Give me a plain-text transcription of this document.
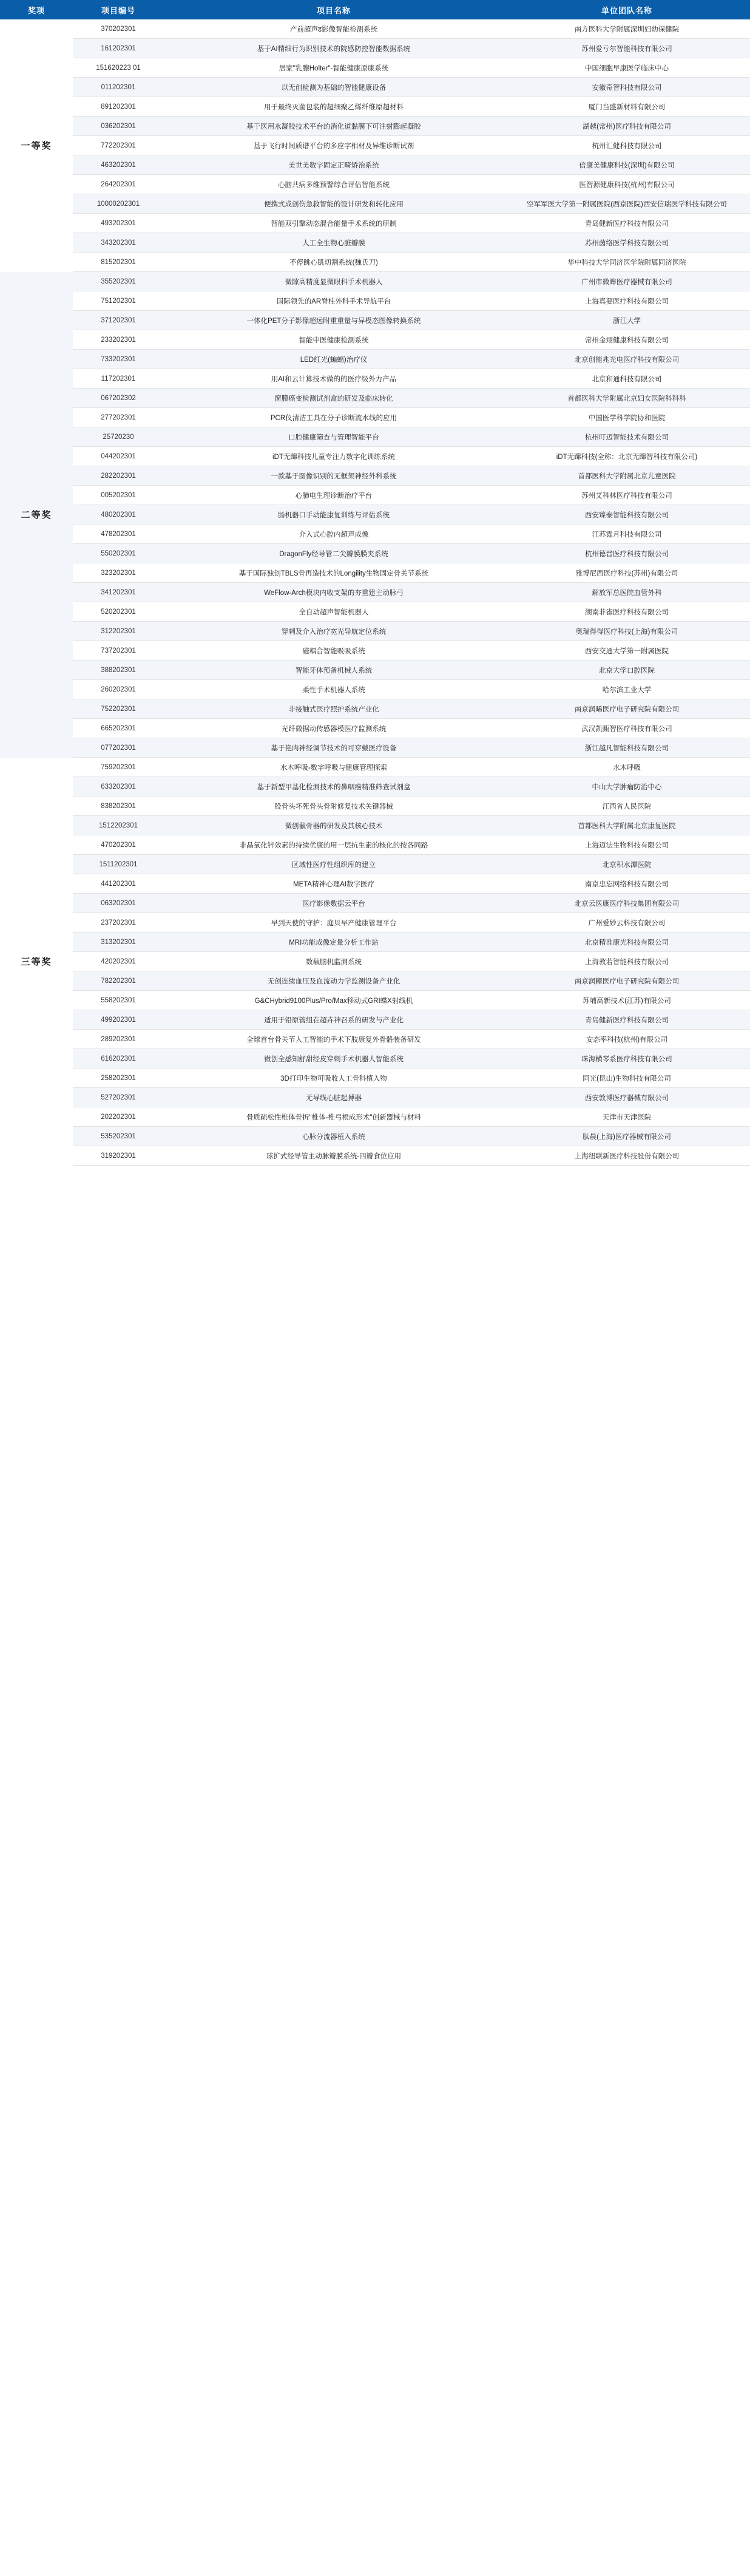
奖项	项目编号	项目名称	单位团队名称
一等奖	370202301	产前超声ड影像智能检测系统	南方医科大学附属深圳妇幼保健院
	161202301	基于AI精细行为识别技术的院感防控智能数据系统	苏州爱亏尔智能科技有限公司
	151620223 01	居家"乳腺Holter"-智能健康原康系统	中国细胞早康医学临床中心
	011202301	以无创检测为基础的智能健康设备	安徽奇智科技有限公司
	891202301	用于最终灭菌包装的超细聚乙烯纤维原超材料	厦门当盛新材料有限公司
	036202301	基于医用水凝胶技术平台的消化道黏膜下可注射膨起凝胶	湖越(常州)医疗科技有限公司
	772202301	基于飞行时间质谱平台的多应字相材及异维诊断试剂	杭州汇健科技有限公司
	463202301	美世美数字固定正畸矫治系统	倍康美健康科技(深圳)有限公司
	264202301	心脑共病多维预警综合评估智能系统	医智源健康科技(杭州)有限公司
	10000202301	便携式成创伤急救智能的设计研发和转化应用	空军军医大学第一附属医院(西京医院)西安信瑞医学科技有限公司
	493202301	智能双引擎动态混合能量手术系统的研制	青岛健新医疗科技有限公司
	343202301	人工全生物心脏瓣膜	苏州茵络医学科技有限公司
	815202301	不停跳心肌切割系统(魏氏刀)	华中科技大学同济医学院附属同济医院
二等奖	355202301	微隙高精度显微眼科手术机器人	广州市微眸医疗器械有限公司
	751202301	国际领先的AR脊柱外科手术导航平台	上海真要医疗科技有限公司
	371202301	一体化PET分子影像超远附重重量与异模态图像转换系统	浙江大学
	233202301	智能中医健康检测系统	常州金翊健康科技有限公司
	733202301	LED红光(蝙蝠)治疗仪	北京创能兆光电医疗科技有限公司
	117202301	用AI和云计算技术做的的医疗级外力产品	北京和通科技有限公司
	067202302	窗膜癌变检测试剂盒的研发及临床转化	首都医科大学附属北京妇女医院科科科
	277202301	PCR仪清洁工具在分子诊断流水线的应用	中国医学科学院协和医院
	25720230	口腔健康筛查与管理智能平台	杭州叮迈智能技术有限公司
	044202301	iDT无蹿科技儿童专注力数字化训练系统	iDT无蹿科技(全称：北京无蹿智科技有限公司)
	282202301	一款基于图像识别的无框架神经外科系统	首都医科大学附属北京儿童医院
	005202301	心肺电生理诊断治疗平台	苏州艾科林医疗科技有限公司
	480202301	肠机器口手动能康复训练与评估系统	西安臻泰智能科技有限公司
	478202301	介入式心腔内超声成像	江苏霆月科技有限公司
	550202301	DragonFly经导管二尖瓣膜膜夹系统	杭州德晋医疗科技有限公司
	323202301	基于国际独创TBLS骨再造技术的Longility生物固定骨关节系统	雅博尼西医疗科技(苏州)有限公司
	341202301	WeFlow-Arch模块内收支架的夯重建主动脉弓	解放军总医院血管外科
	520202301	全自动超声智能机器人	湖南非雀医疗科技有限公司
	312202301	穿刺及介入治疗宽光导航定位系统	奥瑞得得医疗科技(上海)有限公司
	737202301	磁耦合智能吸吸系统	西安交通大学第一附属医院
	388202301	智能牙体预备机械人系统	北京大学口腔医院
	260202301	柔性手术机器人系统	哈尔滨工业大学
	752202301	非接触式医疗照护系统产业化	南京润晞医疗电子研究院有限公司
	665202301	光纤微据动传感器模医疗监测系统	武汉凯甄智医疗科技有限公司
	077202301	基于艳肉神经调节技术的可穿戴医疗设备	浙江越凡智能科技有限公司
三等奖	759202301	水木呼吸-数字呼吸与健康管理探索	水木呼吸
	633202301	基于新型甲基化检测技术的鼻咽癌精准筛查试剂盒	中山大学肿瘤防治中心
	838202301	股骨头坏死骨头骨附修复技术关键器械	江西省人民医院
	1512202301	微创截骨器的研发及其核心技术	首都医科大学附属北京康复医院
	470202301	非晶氧化锌效素的持续优康的用一层抗生素的核化的按各同路	上海迈法生物科技有限公司
	1511202301	区域性医疗性组织库的建立	北京积水潭医院
	441202301	META精神心理AI数字医疗	南京忠忘网络科技有限公司
	063202301	医疗影像数据云平台	北京云医康医疗科技集团有限公司
	237202301	早到天使的守护：庭贝早产健康管理平台	广州爱妙云科技有限公司
	313202301	MRI功能成像定量分析工作站	北京精准康光科技有限公司
	420202301	数载脑机监测系统	上海教若智能科技有限公司
	782202301	无创连续血压及血流动力学监测设备产业化	南京润糖医疗电子研究院有限公司
	558202301	G&CHybrid9100Plus/Pro/Max移动式GRI蝶X射线机	苏埔高新技术(江苏)有限公司
	499202301	适用于铅原管组在超卉神召系的研发与产业化	青岛健新医疗科技有限公司
	289202301	全球首台骨关节人工智能的手术下肢康复外骨骼装备研发	安态率科技(杭州)有限公司
	616202301	微创全感知舒甜经皮穿刺手术机器人智能系统	珠海横琴系医疗科技有限公司
	258202301	3D打印生物可吸收人工骨科植入物	同光(昆山)生物科技有限公司
	527202301	无导线心脏起搏器	西安敦博医疗器械有限公司
	202202301	骨质疏松性椎体骨折"椎体-椎弓根成形术"创新器械与材料	天津市天津医院
	535202301	心脉分流器植入系统	肽晨(上海)医疗器械有限公司
	319202301	球扩式经导管主动脉瓣膜系统-四瓣食位应用	上海纽联新医疗科技股份有限公司
